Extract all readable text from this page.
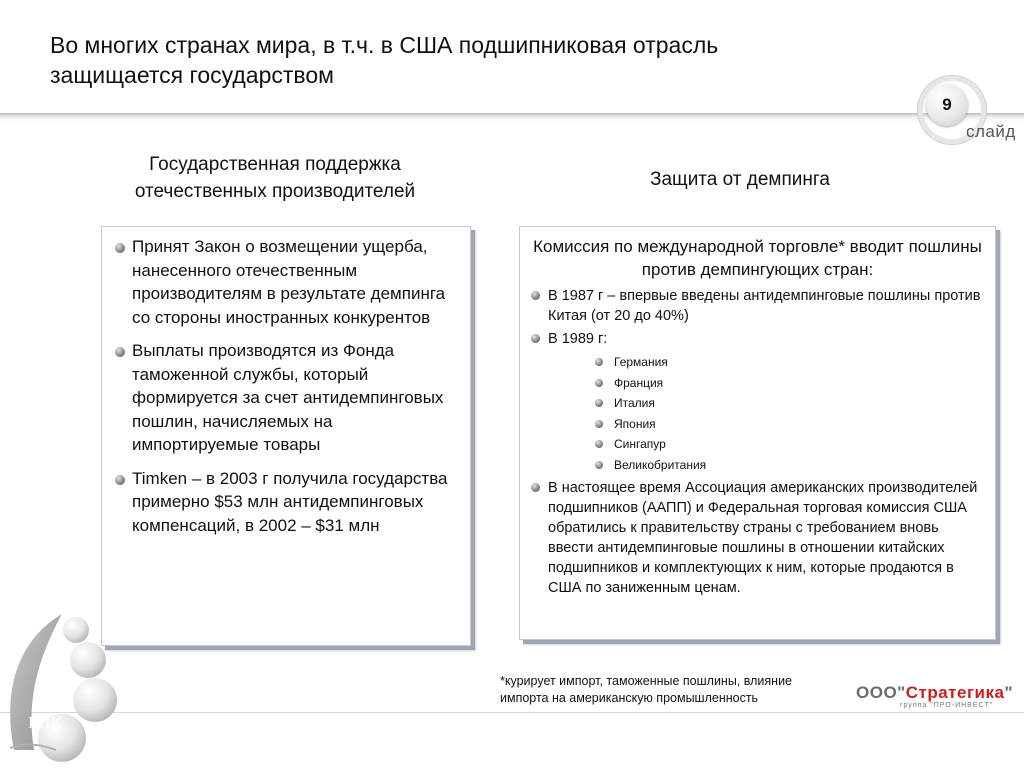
Во многих странах мира, в т.ч. в США подшипниковая отрасль
защищается государством
9
слайд
Государственная поддержка
отечественных производителей
Защита от демпинга
Принят Закон о возмещении ущерба, нанесенного отечественным производителям в результате демпинга со стороны иностранных конкурентов
Выплаты производятся из Фонда таможенной службы, который формируется за счет антидемпинговых пошлин, начисляемых на импортируемые товары
Timken – в 2003 г получила государства примерно $53 млн антидемпинговых компенсаций, в 2002 – $31 млн
Комиссия по международной торговле* вводит пошлины против демпингующих стран:
В 1987 г – впервые введены антидемпинговые пошлины против Китая (от 20 до 40%)
В 1989 г:
Германия
Франция
Италия
Япония
Сингапур
Великобритания
В настоящее время Ассоциация американских производителей подшипников (ААПП) и Федеральная торговая комиссия США обратились к правительству страны с требованием вновь ввести антидемпинговые пошлины в отношении китайских подшипников и комплектующих к ним, которые продаются в США по заниженным ценам.
*курирует импорт, таможенные пошлины, влияние
импорта на американскую промышленность	ООО"Стратегика"
группа "ПРО-ИНВЕСТ"
ЕПК
